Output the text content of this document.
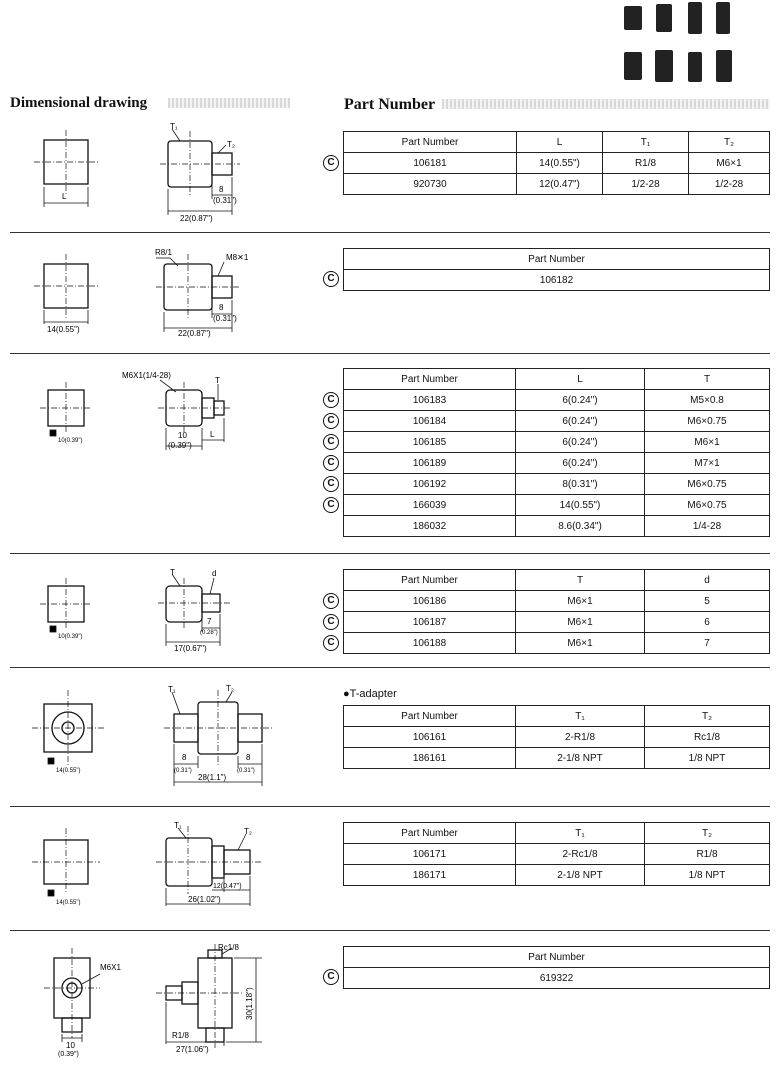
Dimensional drawing	Part Number
L
T₁
T₂
8
(0.31")
22(0.87")
R8/1
M8✕1
14(0.55")
8
(0.31")
22(0.87")
M6X1(1/4-28)
T
10(0.39")
10
(0.39")
L
T	d
10(0.39")
7
(0.28")
17(0.67")
T₁	T₂
14(0.55")
8
(0.31")
8
(0.31")
28(1.1")
T₁
T₂
14(0.55")
12(0.47")
26(1.02")
Rc1/8
M6X1
10
(0.39")
30(1.18")
R1/8
27(1.06")
C
Part Number	L	T₁	T₂
106181	14(0.55")	R1/8	M6×1
920730	12(0.47")	1/2-28	1/2-28
C
Part Number
106182
C
C
C
C
C
C
Part Number	L	T
106183	6(0.24")	M5×0.8
106184	6(0.24")	M6×0.75
106185	6(0.24")	M6×1
106189	6(0.24")	M7×1
106192	8(0.31")	M6×0.75
166039	14(0.55")	M6×0.75
186032	8.6(0.34")	1/4-28
C
C
C
Part Number	T	d
106186	M6×1	5
106187	M6×1	6
106188	M6×1	7
●T-adapter
Part Number	T₁	T₂
106161	2-R1/8	Rc1/8
186161	2-1/8 NPT	1/8 NPT
Part Number	T₁	T₂
106171	2-Rc1/8	R1/8
186171	2-1/8 NPT	1/8 NPT
C
Part Number
619322
